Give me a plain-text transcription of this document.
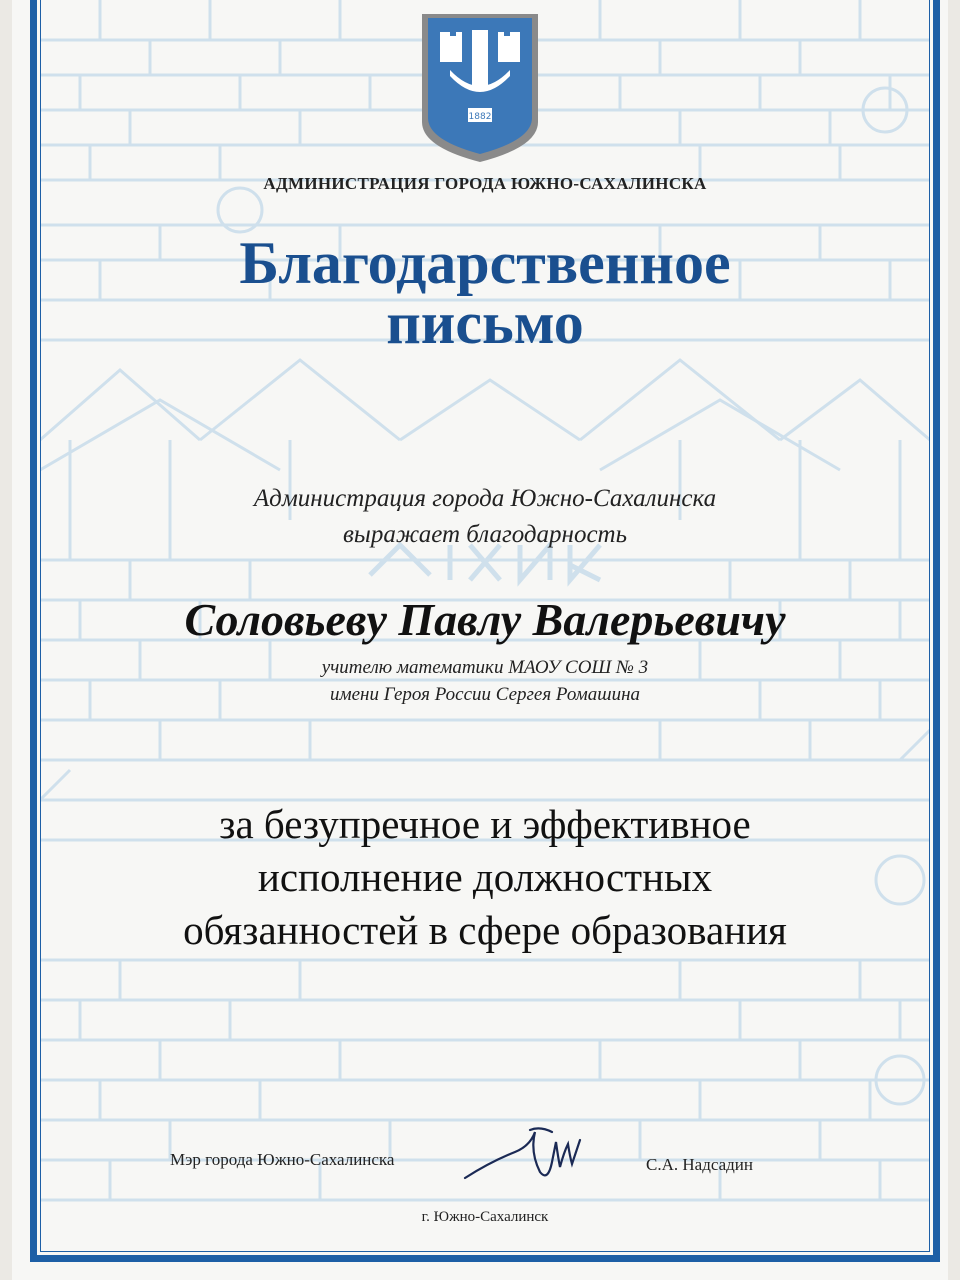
1882
АДМИНИСТРАЦИЯ ГОРОДА ЮЖНО-САХАЛИНСКА
Благодарственное
письмо
Администрация города Южно-Сахалинска
выражает благодарность
Соловьеву Павлу Валерьевичу
учителю математики МАОУ СОШ № 3
имени Героя России Сергея Ромашина
за безупречное и эффективное
исполнение должностных
обязанностей в сфере образования
Мэр города Южно-Сахалинска	С.А. Надсадин
г. Южно-Сахалинск
